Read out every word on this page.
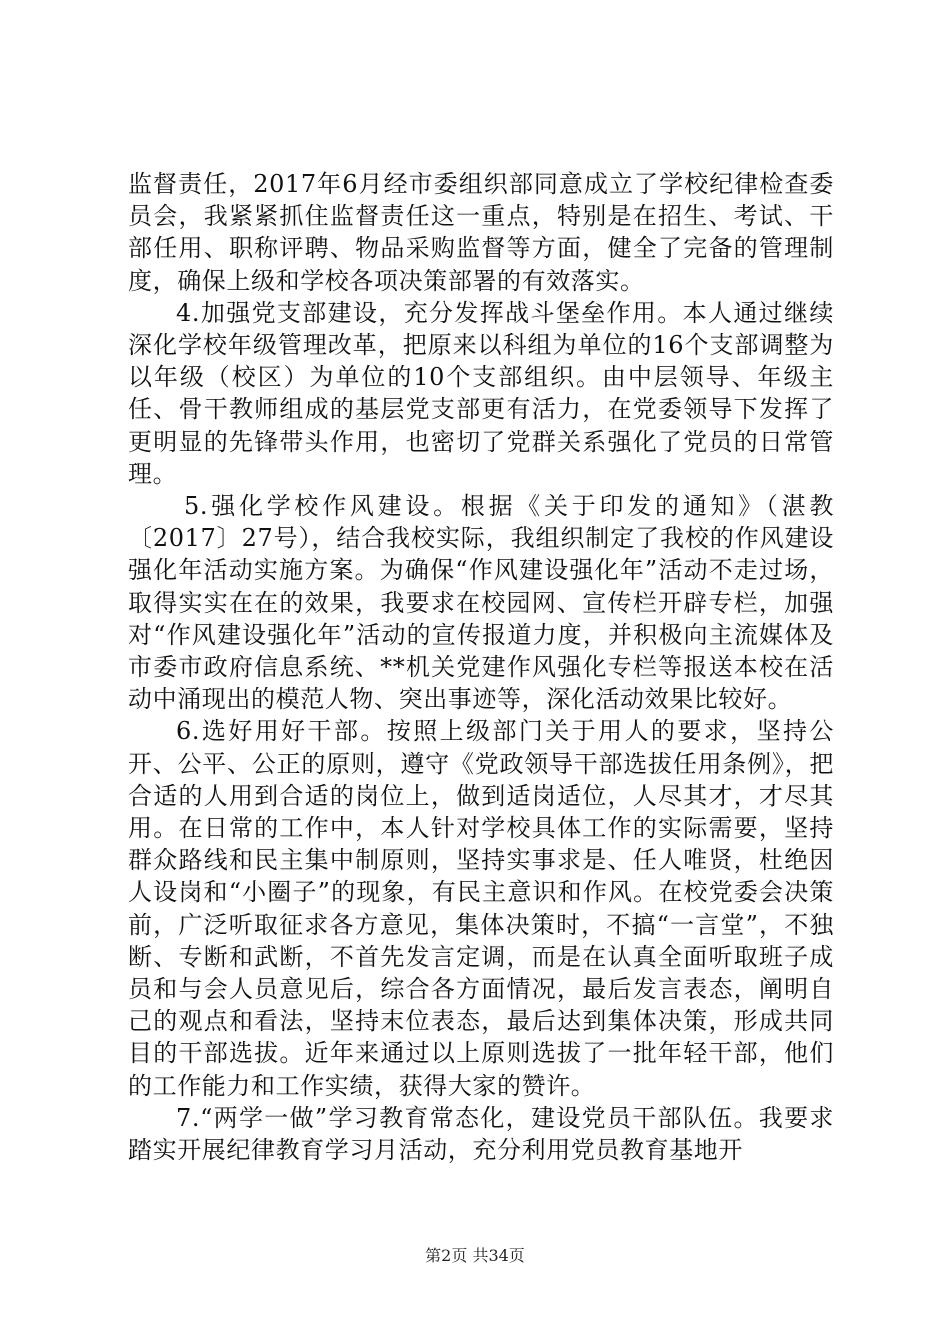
监督责任，2017年6月经市委组织部同意成立了学校纪律检查委员会，我紧紧抓住监督责任这一重点，特别是在招生、考试、干部任用、职称评聘、物品采购监督等方面，健全了完备的管理制度，确保上级和学校各项决策部署的有效落实。

4.加强党支部建设，充分发挥战斗堡垒作用。本人通过继续深化学校年级管理改革，把原来以科组为单位的16个支部调整为以年级（校区）为单位的10个支部组织。由中层领导、年级主任、骨干教师组成的基层党支部更有活力，在党委领导下发挥了更明显的先锋带头作用，也密切了党群关系强化了党员的日常管理。

5.强化学校作风建设。根据《关于印发的通知》（湛教〔2017〕27号），结合我校实际，我组织制定了我校的作风建设强化年活动实施方案。为确保“作风建设强化年”活动不走过场，取得实实在在的效果，我要求在校园网、宣传栏开辟专栏，加强对“作风建设强化年”活动的宣传报道力度，并积极向主流媒体及市委市政府信息系统、**机关党建作风强化专栏等报送本校在活动中涌现出的模范人物、突出事迹等，深化活动效果比较好。

6.选好用好干部。按照上级部门关于用人的要求，坚持公开、公平、公正的原则，遵守《党政领导干部选拔任用条例》，把合适的人用到合适的岗位上，做到适岗适位，人尽其才，才尽其用。在日常的工作中，本人针对学校具体工作的实际需要，坚持群众路线和民主集中制原则，坚持实事求是、任人唯贤，杜绝因人设岗和“小圈子”的现象，有民主意识和作风。在校党委会决策前，广泛听取征求各方意见，集体决策时，不搞“一言堂”，不独断、专断和武断，不首先发言定调，而是在认真全面听取班子成员和与会人员意见后，综合各方面情况，最后发言表态，阐明自己的观点和看法，坚持末位表态，最后达到集体决策，形成共同目的干部选拔。近年来通过以上原则选拔了一批年轻干部，他们的工作能力和工作实绩，获得大家的赞许。

7.“两学一做”学习教育常态化，建设党员干部队伍。我要求踏实开展纪律教育学习月活动，充分利用党员教育基地开

第2页 共34页
